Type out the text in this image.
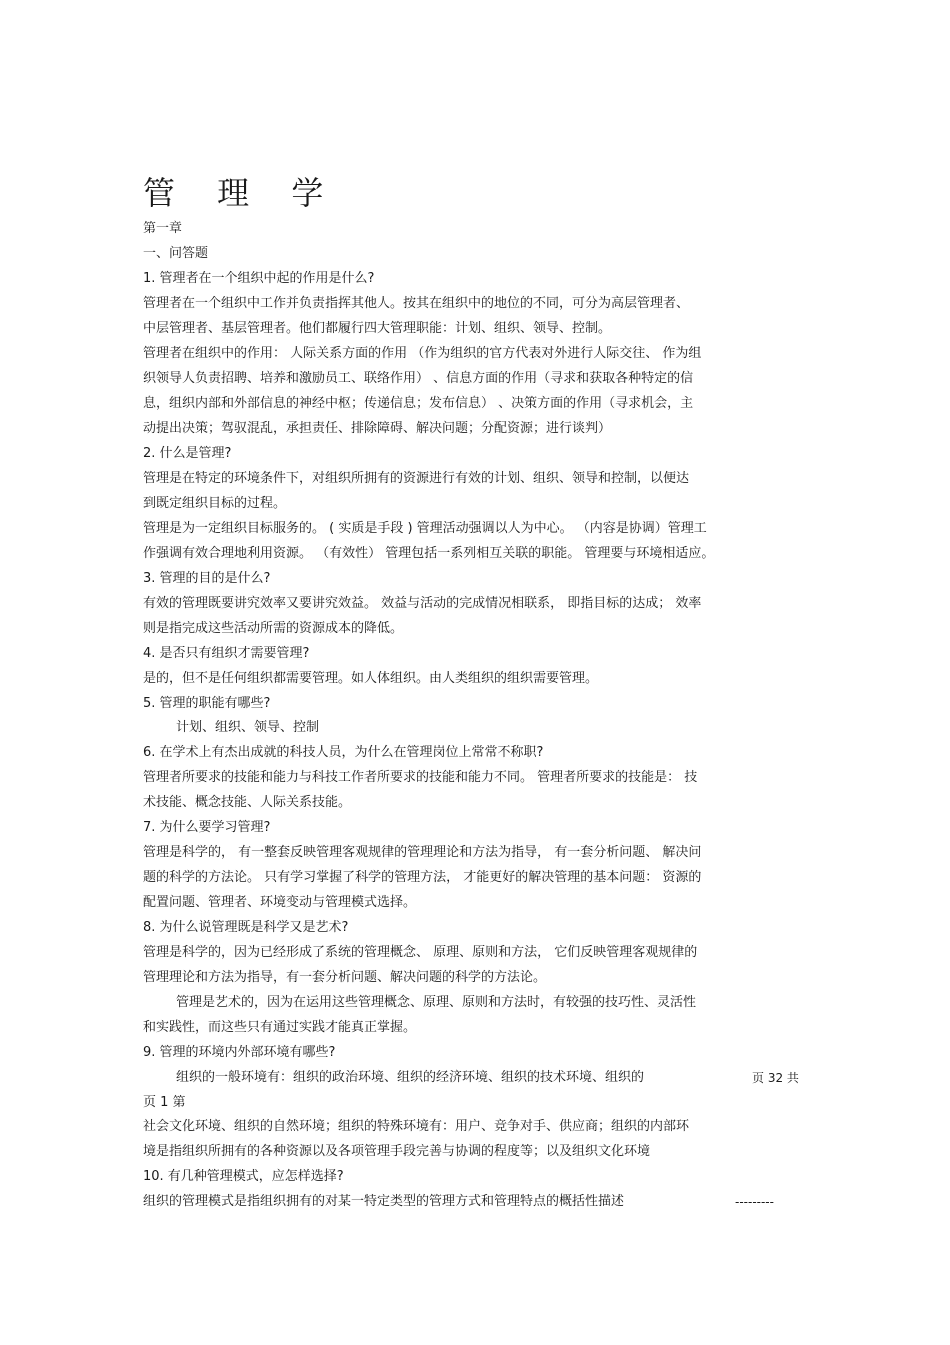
管 理 学
第一章
一、问答题
1. 管理者在一个组织中起的作用是什么?
管理者在一个组织中工作并负责指挥其他人。按其在组织中的地位的不同，可分为高层管理者、
中层管理者、基层管理者。他们都履行四大管理职能：计划、组织、领导、控制。
管理者在组织中的作用： 人际关系方面的作用 （作为组织的官方代表对外进行人际交往、 作为组
织领导人负责招聘、培养和激励员工、联络作用） 、信息方面的作用（寻求和获取各种特定的信
息，组织内部和外部信息的神经中枢；传递信息；发布信息） 、决策方面的作用（寻求机会，主
动提出决策；驾驭混乱，承担责任、排除障碍、解决问题；分配资源；进行谈判）
2. 什么是管理?
管理是在特定的环境条件下，对组织所拥有的资源进行有效的计划、组织、领导和控制，以便达
到既定组织目标的过程。
管理是为一定组织目标服务的。 ( 实质是手段 ) 管理活动强调以人为中心。 （内容是协调）管理工
作强调有效合理地利用资源。 （有效性） 管理包括一系列相互关联的职能。 管理要与环境相适应。
3. 管理的目的是什么?
有效的管理既要讲究效率又要讲究效益。 效益与活动的完成情况相联系， 即指目标的达成； 效率
则是指完成这些活动所需的资源成本的降低。
4. 是否只有组织才需要管理?
是的，但不是任何组织都需要管理。如人体组织。由人类组织的组织需要管理。
5. 管理的职能有哪些?
计划、组织、领导、控制
6. 在学术上有杰出成就的科技人员，为什么在管理岗位上常常不称职?
管理者所要求的技能和能力与科技工作者所要求的技能和能力不同。 管理者所要求的技能是： 技
术技能、概念技能、人际关系技能。
7. 为什么要学习管理?
管理是科学的， 有一整套反映管理客观规律的管理理论和方法为指导， 有一套分析问题、 解决问
题的科学的方法论。 只有学习掌握了科学的管理方法， 才能更好的解决管理的基本问题： 资源的
配置问题、管理者、环境变动与管理模式选择。
8. 为什么说管理既是科学又是艺术?
管理是科学的，因为已经形成了系统的管理概念、 原理、原则和方法， 它们反映管理客观规律的
管理理论和方法为指导，有一套分析问题、解决问题的科学的方法论。
管理是艺术的，因为在运用这些管理概念、原理、原则和方法时，有较强的技巧性、灵活性
和实践性，而这些只有通过实践才能真正掌握。
9. 管理的环境内外部环境有哪些?
组织的一般环境有：组织的政治环境、组织的经济环境、组织的技术环境、组织的	页 32 共
页 1 第
社会文化环境、组织的自然环境；组织的特殊环境有：用户、竞争对手、供应商；组织的内部环
境是指组织所拥有的各种资源以及各项管理手段完善与协调的程度等；以及组织文化环境
10. 有几种管理模式，应怎样选择?
组织的管理模式是指组织拥有的对某一特定类型的管理方式和管理特点的概括性描述	---------
